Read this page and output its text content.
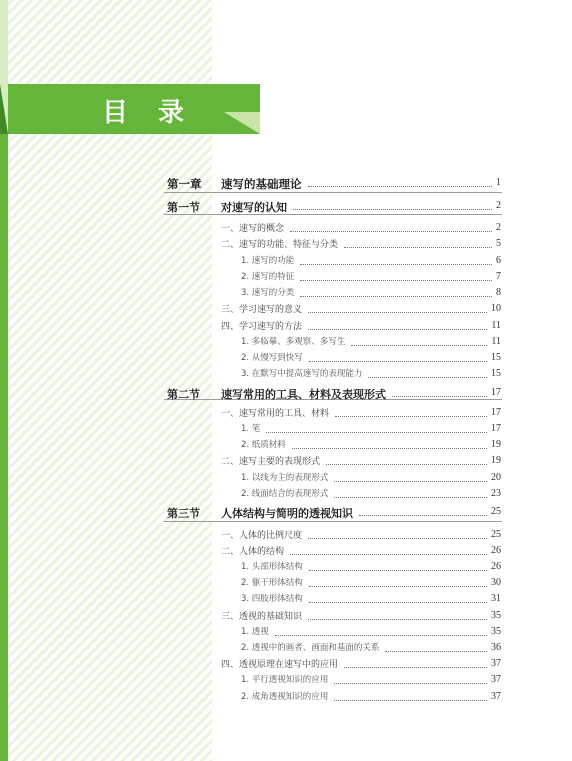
目录
第一章 速写的基础理论	1
第一节 对速写的认知	2
一、速写的概念	2
二、速写的功能、特征与分类	5
1. 速写的功能	6
2. 速写的特征	7
3. 速写的分类	8
三、学习速写的意义	10
四、学习速写的方法	11
1. 多临摹、多观察、多写生	11
2. 从慢写到快写	15
3. 在默写中提高速写的表现能力	15
第二节 速写常用的工具、材料及表现形式	17
一、速写常用的工具、材料	17
1. 笔	17
2. 纸质材料	19
二、速写主要的表现形式	19
1. 以线为主的表现形式	20
2. 线面结合的表现形式	23
第三节 人体结构与简明的透视知识	25
一、人体的比例尺度	25
二、人体的结构	26
1. 头部形体结构	26
2. 躯干形体结构	30
3. 四肢形体结构	31
三、透视的基础知识	35
1. 透视	35
2. 透视中的画者、画面和基面的关系	36
四、透视原理在速写中的应用	37
1. 平行透视知识的应用	37
2. 成角透视知识的应用	37
